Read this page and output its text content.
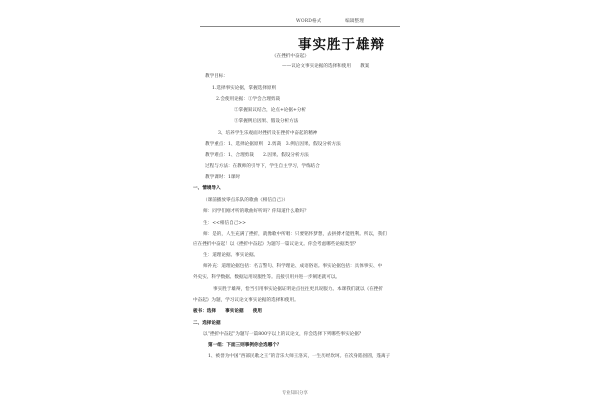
WORD格式	编辑整理
事实胜于雄辩
《在挫折中奋起》
——议论文事实论据的选择和使用　　教案
教学目标：
1.选择事实论据，掌握选择原则
2.会使用论据：①学会合理剪裁
②掌握叙议结合，论点+论据+分析
③掌握例后因果、假设分析方法
3、培养学生乐观面对挫折及在挫折中奋起的精神
教学重点：1、选择论据原则　2.剪裁　3.例后因果、假设分析方法
教学难点：1、合理剪裁　　2.因果、假设分析方法
过程与方法：在教师的引导下，学生自主学习，学练结合
教学课时：1课时
一、情境导入
（课前播放零点乐队的歌曲《相信自己》）
师：同学们刚才听的歌曲好听吗？你知道什么歌吗？
生：<<相信自己>>
师：是的，人生充满了挫折，就像歌中所唱：只要铭怀梦想，去拼搏才能胜利。所以，我们
应在挫折中奋起！以《挫折中奋起》为题写一篇议论文。你会考虑哪些论据类型？
生：道理论据、事实论据。
师补充：道理论据包括：名言警句、科学理论、成语俗语。事实论据包括：具体事实、中
外史实、科学数据、数据运用说服性等。直接引用并进一步阐述就可以。
事实胜于雄辩，恰当引用事实论据证明论点往往更具说服力。本课我们就以《在挫折
中奋起》为题，学习议论文事实论据的选择和使用。
板书：选择　　事实论据　　使用
二、选择论据
以“挫折中奋起”为题写一篇800字以上的议论文，你会选择下列哪些事实论据？
第一组：下面三则事例你会选哪个？
1、被誉为中国“西部民歌之王”的音乐大师王洛宾，一生历经坎坷。在次身陷囹圄，蓬离子
专业知识分享
